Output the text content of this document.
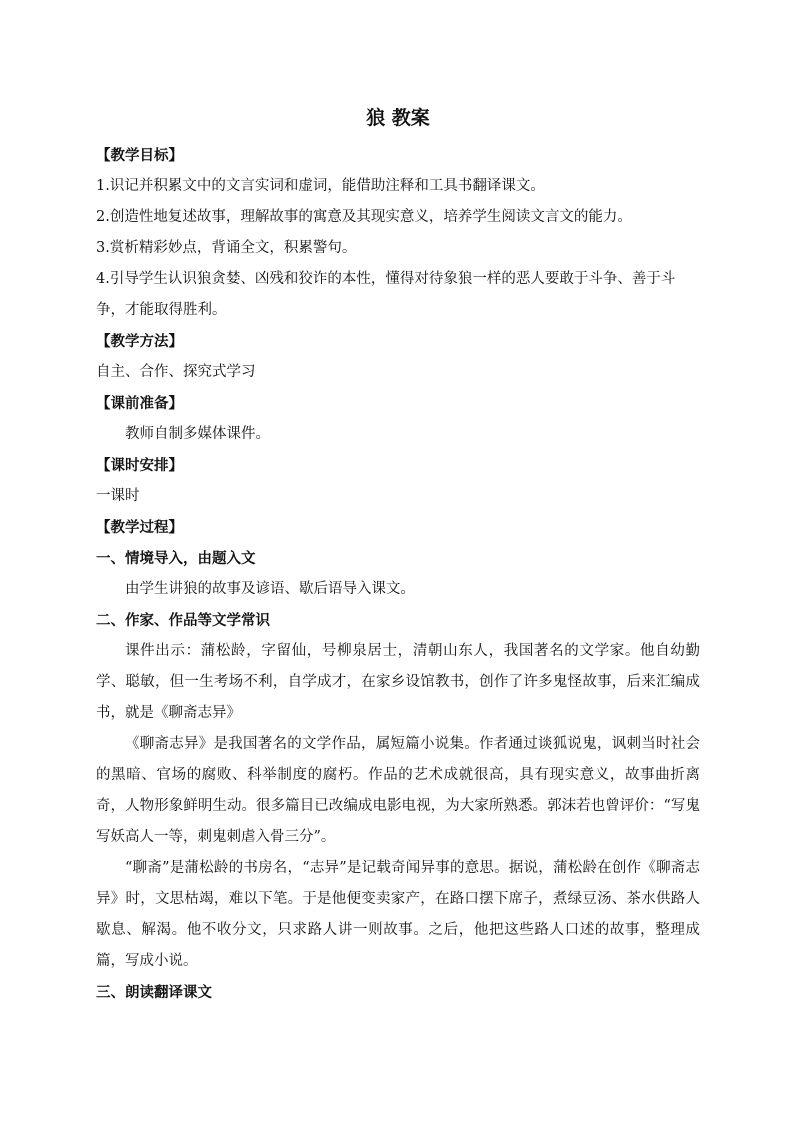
狼 教案

【教学目标】

1.识记并积累文中的文言实词和虚词，能借助注释和工具书翻译课文。

2.创造性地复述故事，理解故事的寓意及其现实意义，培养学生阅读文言文的能力。

3.赏析精彩妙点，背诵全文，积累警句。

4.引导学生认识狼贪婪、凶残和狡诈的本性，懂得对待象狼一样的恶人要敢于斗争、善于斗争，才能取得胜利。

【教学方法】

自主、合作、探究式学习

【课前准备】

教师自制多媒体课件。

【课时安排】

一课时

【教学过程】

一、情境导入，由题入文

由学生讲狼的故事及谚语、歇后语导入课文。

二、作家、作品等文学常识

课件出示：蒲松龄，字留仙，号柳泉居士，清朝山东人，我国著名的文学家。他自幼勤学、聪敏，但一生考场不利，自学成才，在家乡设馆教书，创作了许多鬼怪故事，后来汇编成书，就是《聊斋志异》

《聊斋志异》是我国著名的文学作品，属短篇小说集。作者通过谈狐说鬼，讽刺当时社会的黑暗、官场的腐败、科举制度的腐朽。作品的艺术成就很高，具有现实意义，故事曲折离奇，人物形象鲜明生动。很多篇目已改编成电影电视，为大家所熟悉。郭沫若也曾评价：“写鬼写妖高人一等，刺鬼刺虐入骨三分”。

“聊斋”是蒲松龄的书房名，“志异”是记载奇闻异事的意思。据说，蒲松龄在创作《聊斋志异》时，文思枯竭，难以下笔。于是他便变卖家产，在路口摆下席子，煮绿豆汤、茶水供路人歇息、解渴。他不收分文，只求路人讲一则故事。之后，他把这些路人口述的故事，整理成篇，写成小说。

三、朗读翻译课文
